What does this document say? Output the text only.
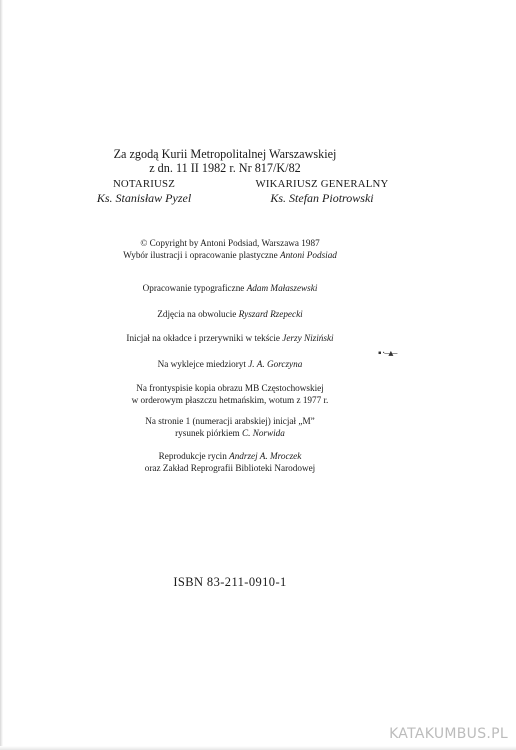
Za zgodą Kurii Metropolitalnej Warszawskiej
z dn. 11 II 1982 r. Nr 817/K/82
NOTARIUSZ
Ks. Stanisław Pyzel
WIKARIUSZ GENERALNY
Ks. Stefan Piotrowski
© Copyright by Antoni Podsiad, Warszawa 1987
Wybór ilustracji i opracowanie plastyczne Antoni Podsiad
Opracowanie typograficzne Adam Małaszewski
Zdjęcia na obwolucie Ryszard Rzepecki
Inicjał na okładce i przerywniki w tekście Jerzy Niziński
Na wyklejce miedzioryt J. A. Gorczyna
Na frontyspisie kopia obrazu MB Częstochowskiej
w orderowym płaszczu hetmańskim, wotum z 1977 r.
Na stronie 1 (numeracji arabskiej) inicjał „M”
rysunek piórkiem C. Norwida
Reprodukcje rycin Andrzej A. Mroczek
oraz Zakład Reprografii Biblioteki Narodowej
▪ ·–▴–
ISBN 83-211-0910-1
KATAKUMBUS.PL
